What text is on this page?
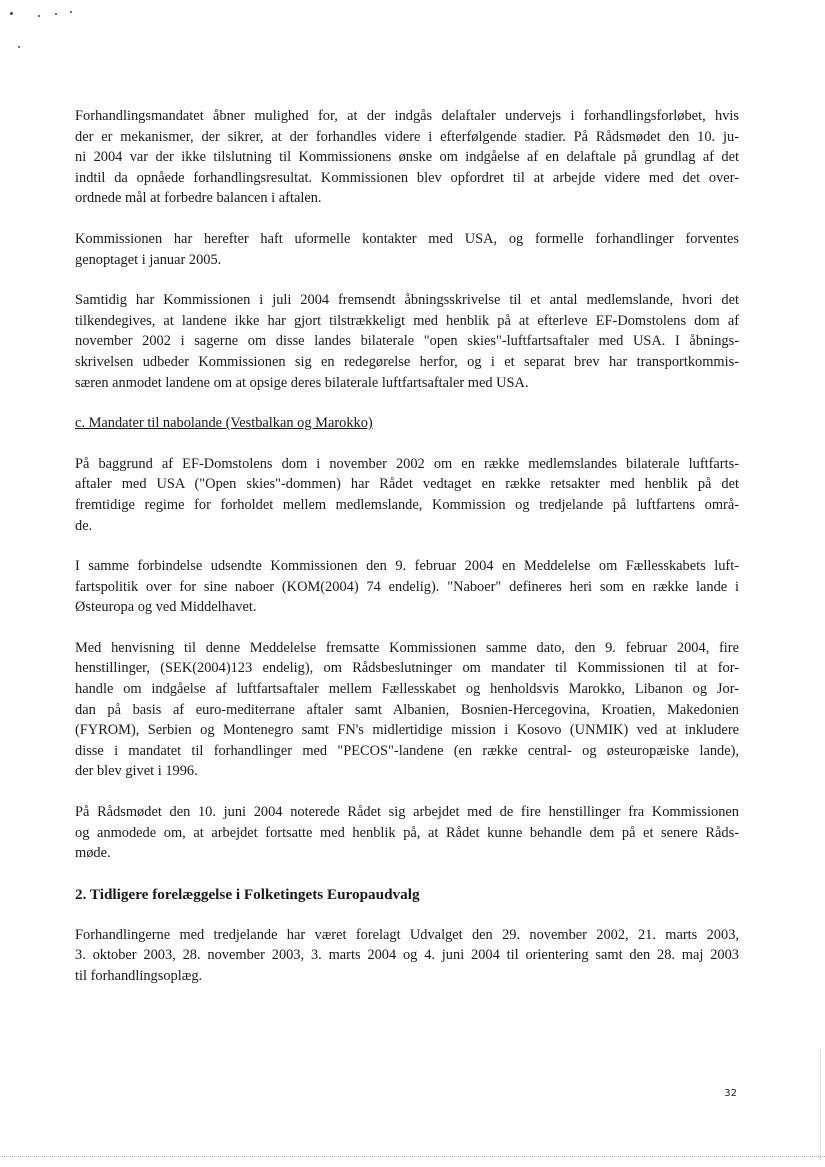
Forhandlingsmandatet åbner mulighed for, at der indgås delaftaler undervejs i forhandlingsforløbet, hvis
der er mekanismer, der sikrer, at der forhandles videre i efterfølgende stadier. På Rådsmødet den 10. ju-
ni 2004 var der ikke tilslutning til Kommissionens ønske om indgåelse af en delaftale på grundlag af det
indtil da opnåede forhandlingsresultat. Kommissionen blev opfordret til at arbejde videre med det over-
ordnede mål at forbedre balancen i aftalen.
Kommissionen har herefter haft uformelle kontakter med USA, og formelle forhandlinger forventes
genoptaget i januar 2005.
Samtidig har Kommissionen i juli 2004 fremsendt åbningsskrivelse til et antal medlemslande, hvori det
tilkendegives, at landene ikke har gjort tilstrækkeligt med henblik på at efterleve EF-Domstolens dom af
november 2002 i sagerne om disse landes bilaterale "open skies"-luftfartsaftaler med USA. I åbnings-
skrivelsen udbeder Kommissionen sig en redegørelse herfor, og i et separat brev har transportkommis-
særen anmodet landene om at opsige deres bilaterale luftfartsaftaler med USA.
c. Mandater til nabolande (Vestbalkan og Marokko)
På baggrund af EF-Domstolens dom i november 2002 om en række medlemslandes bilaterale luftfarts-
aftaler med USA ("Open skies"-dommen) har Rådet vedtaget en række retsakter med henblik på det
fremtidige regime for forholdet mellem medlemslande, Kommission og tredjelande på luftfartens områ-
de.
I samme forbindelse udsendte Kommissionen den 9. februar 2004 en Meddelelse om Fællesskabets luft-
fartspolitik over for sine naboer (KOM(2004) 74 endelig). "Naboer" defineres heri som en række lande i
Østeuropa og ved Middelhavet.
Med henvisning til denne Meddelelse fremsatte Kommissionen samme dato, den 9. februar 2004, fire
henstillinger, (SEK(2004)123 endelig), om Rådsbeslutninger om mandater til Kommissionen til at for-
handle om indgåelse af luftfartsaftaler mellem Fællesskabet og henholdsvis Marokko, Libanon og Jor-
dan på basis af euro-mediterrane aftaler samt Albanien, Bosnien-Hercegovina, Kroatien, Makedonien
(FYROM), Serbien og Montenegro samt FN's midlertidige mission i Kosovo (UNMIK) ved at inkludere
disse i mandatet til forhandlinger med "PECOS"-landene (en række central- og østeuropæiske lande),
der blev givet i 1996.
På Rådsmødet den 10. juni 2004 noterede Rådet sig arbejdet med de fire henstillinger fra Kommissionen
og anmodede om, at arbejdet fortsatte med henblik på, at Rådet kunne behandle dem på et senere Råds-
møde.
2. Tidligere forelæggelse i Folketingets Europaudvalg
Forhandlingerne med tredjelande har været forelagt Udvalget den 29. november 2002, 21. marts 2003,
3. oktober 2003, 28. november 2003, 3. marts 2004 og 4. juni 2004 til orientering samt den 28. maj 2003
til forhandlingsoplæg.
32
